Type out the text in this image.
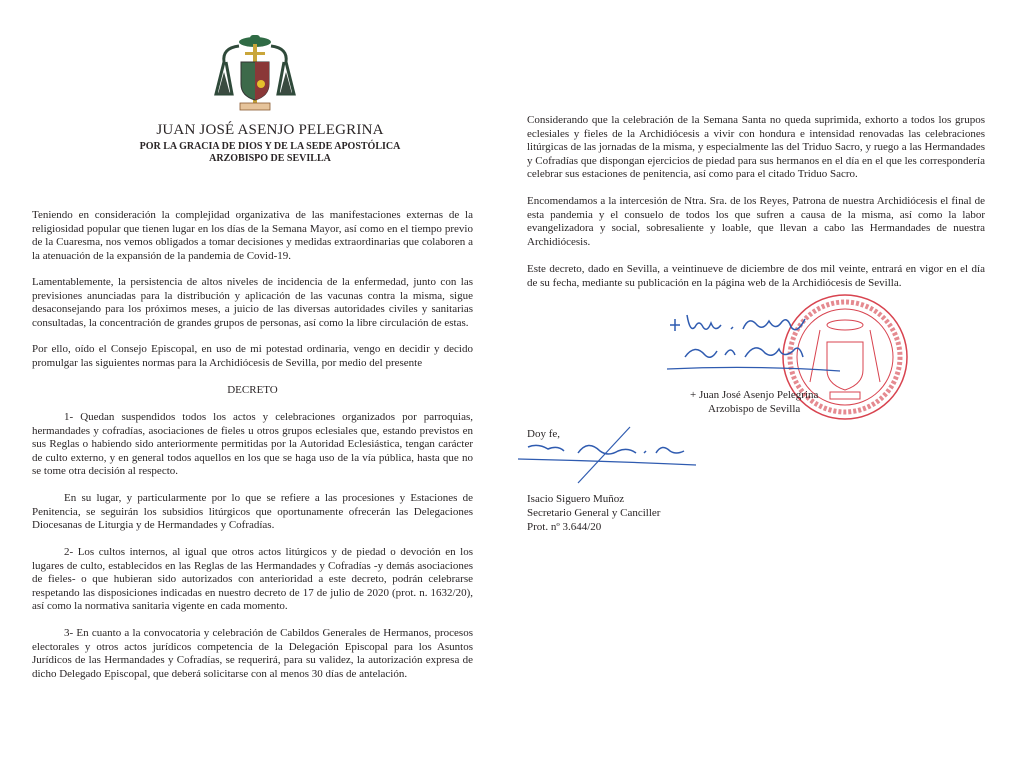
JUAN JOSÉ ASENJO PELEGRINA
POR LA GRACIA DE DIOS Y DE LA SEDE APOSTÓLICA
ARZOBISPO DE SEVILLA
Teniendo en consideración la complejidad organizativa de las manifestaciones externas de la religiosidad popular que tienen lugar en los días de la Semana Mayor, así como en el tiempo previo de la Cuaresma, nos vemos obligados a tomar decisiones y medidas extraordinarias que colaboren a la atenuación de la expansión de la pandemia de Covid-19.
Lamentablemente, la persistencia de altos niveles de incidencia de la enfermedad, junto con las previsiones anunciadas para la distribución y aplicación de las vacunas contra la misma, sigue desaconsejando para los próximos meses, a juicio de las diversas autoridades civiles y sanitarias consultadas, la concentración de grandes grupos de personas, así como la libre circulación de estas.
Por ello, oído el Consejo Episcopal, en uso de mi potestad ordinaria, vengo en decidir y decido promulgar las siguientes normas para la Archidiócesis de Sevilla, por medio del presente
DECRETO
1- Quedan suspendidos todos los actos y celebraciones organizados por parroquias, hermandades y cofradías, asociaciones de fieles u otros grupos eclesiales que, estando previstos en sus Reglas o habiendo sido anteriormente permitidas por la Autoridad Eclesiástica, tengan carácter de culto externo, y en general todos aquellos en los que se haga uso de la vía pública, hasta que no se tome otra decisión al respecto.
En su lugar, y particularmente por lo que se refiere a las procesiones y Estaciones de Penitencia, se seguirán los subsidios litúrgicos que oportunamente ofrecerán las Delegaciones Diocesanas de Liturgia y de Hermandades y Cofradías.
2- Los cultos internos, al igual que otros actos litúrgicos y de piedad o devoción en los lugares de culto, establecidos en las Reglas de las Hermandades y Cofradías -y demás asociaciones de fieles- o que hubieran sido autorizados con anterioridad a este decreto, podrán celebrarse respetando las disposiciones indicadas en nuestro decreto de 17 de julio de 2020 (prot. n. 1632/20), así como la normativa sanitaria vigente en cada momento.
3- En cuanto a la convocatoria y celebración de Cabildos Generales de Hermanos, procesos electorales y otros actos jurídicos competencia de la Delegación Episcopal para los Asuntos Jurídicos de las Hermandades y Cofradías, se requerirá, para su validez, la autorización expresa de dicho Delegado Episcopal, que deberá solicitarse con al menos 30 días de antelación.
Considerando que la celebración de la Semana Santa no queda suprimida, exhorto a todos los grupos eclesiales y fieles de la Archidiócesis a vivir con hondura e intensidad renovadas las celebraciones litúrgicas de las jornadas de la misma, y especialmente las del Triduo Sacro, y ruego a las Hermandades y Cofradías que dispongan ejercicios de piedad para sus hermanos en el día en el que les correspondería celebrar sus estaciones de penitencia, así como para el citado Triduo Sacro.
Encomendamos a la intercesión de Ntra. Sra. de los Reyes, Patrona de nuestra Archidiócesis el final de esta pandemia y el consuelo de todos los que sufren a causa de la misma, así como la labor evangelizadora y social, sobresaliente y loable, que llevan a cabo las Hermandades de nuestra Archidiócesis.
Este decreto, dado en Sevilla, a veintinueve de diciembre de dos mil veinte, entrará en vigor en el día de su fecha, mediante su publicación en la página web de la Archidiócesis de Sevilla.
+ Juan José Asenjo Pelegrina
Arzobispo de Sevilla
Doy fe,
Isacio Siguero Muñoz
Secretario General y Canciller
Prot. nº 3.644/20
